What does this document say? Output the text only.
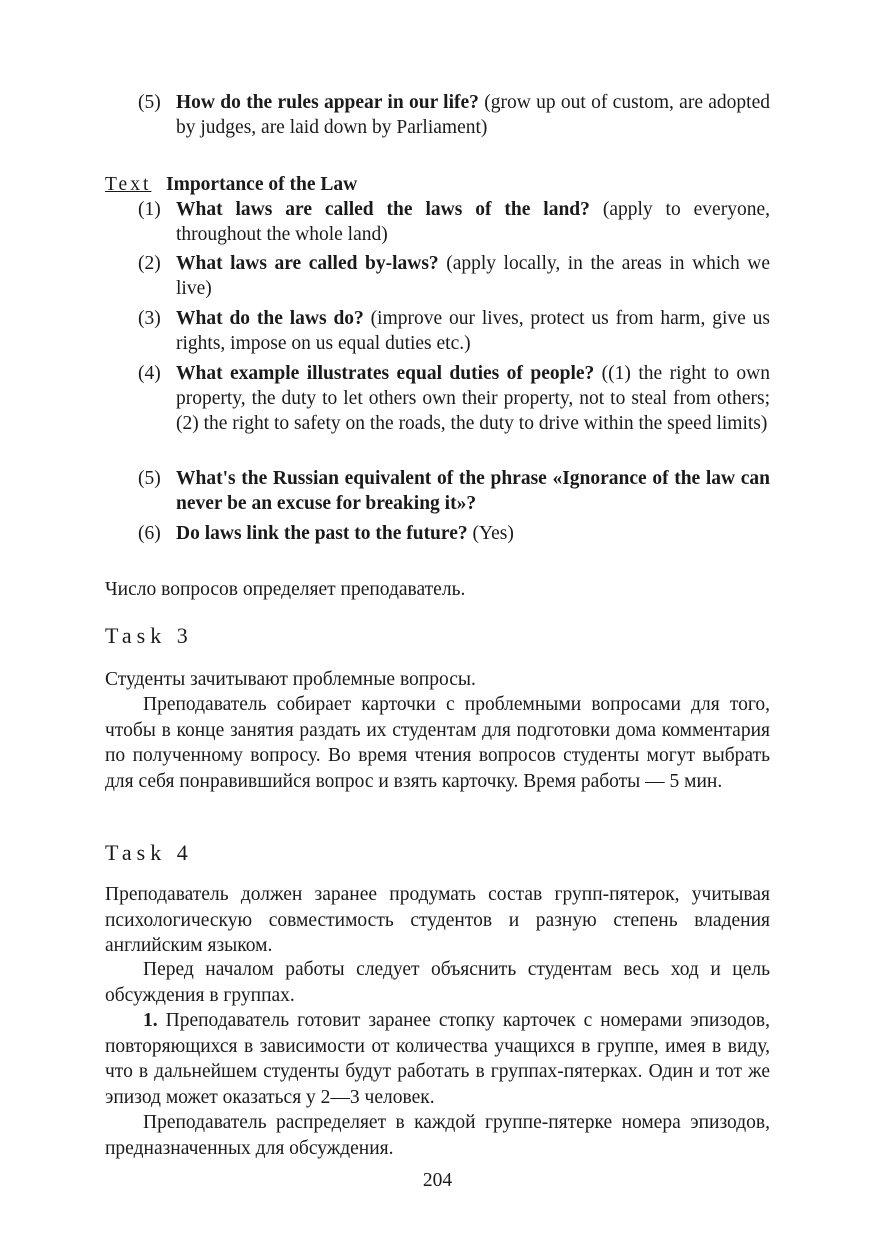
(5) How do the rules appear in our life? (grow up out of custom, are adopted by judges, are laid down by Parliament)
Text Importance of the Law
(1) What laws are called the laws of the land? (apply to everyone, throughout the whole land)
(2) What laws are called by-laws? (apply locally, in the areas in which we live)
(3) What do the laws do? (improve our lives, protect us from harm, give us rights, impose on us equal duties etc.)
(4) What example illustrates equal duties of people? ((1) the right to own property, the duty to let others own their property, not to steal from others; (2) the right to safety on the roads, the duty to drive within the speed limits)
(5) What's the Russian equivalent of the phrase «Ignorance of the law can never be an excuse for breaking it»?
(6) Do laws link the past to the future? (Yes)
Число вопросов определяет преподаватель.
Task 3
Студенты зачитывают проблемные вопросы.
Преподаватель собирает карточки с проблемными вопросами для того, чтобы в конце занятия раздать их студентам для подготовки дома комментария по полученному вопросу. Во время чтения вопросов студенты могут выбрать для себя понравившийся вопрос и взять карточку. Время работы — 5 мин.
Task 4
Преподаватель должен заранее продумать состав групп-пятерок, учитывая психологическую совместимость студентов и разную степень владения английским языком.
Перед началом работы следует объяснить студентам весь ход и цель обсуждения в группах.
1. Преподаватель готовит заранее стопку карточек с номерами эпизодов, повторяющихся в зависимости от количества учащихся в группе, имея в виду, что в дальнейшем студенты будут работать в группах-пятерках. Один и тот же эпизод может оказаться у 2—3 человек.
Преподаватель распределяет в каждой группе-пятерке номера эпизодов, предназначенных для обсуждения.
204
